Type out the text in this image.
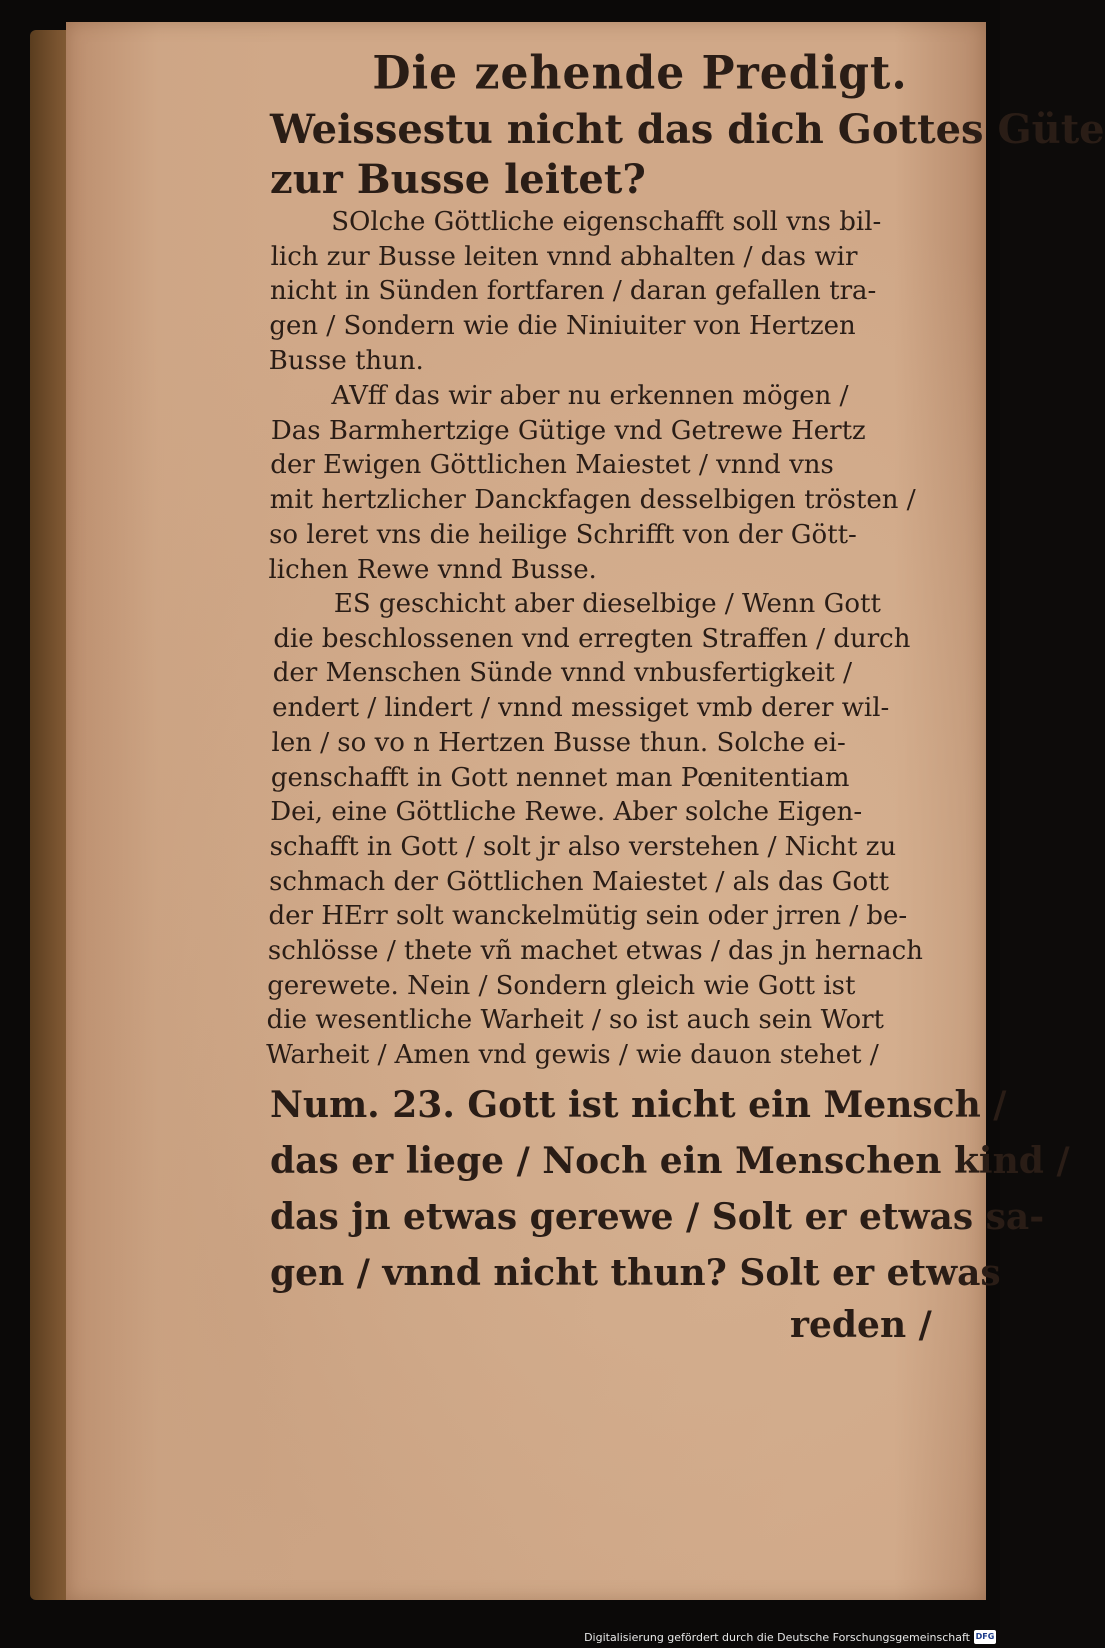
Die zehende Predigt.
Weissestu nicht das dich Gottes Güte
zur Busse leitet?
SOlche Göttliche eigenschafft soll vns bil-
lich zur Busse leiten vnnd abhalten / das wir
nicht in Sünden fortfaren / daran gefallen tra-
gen / Sondern wie die Niniuiter von Hertzen
Busse thun.
AVff das wir aber nu erkennen mögen /
Das Barmhertzige Gütige vnd Getrewe Hertz
der Ewigen Göttlichen Maiestet / vnnd vns
mit hertzlicher Danckfagen desselbigen trösten /
so leret vns die heilige Schrifft von der Gött-
lichen Rewe vnnd Busse.
ES geschicht aber dieselbige / Wenn Gott
die beschlossenen vnd erregten Straffen / durch
der Menschen Sünde vnnd vnbusfertigkeit /
endert / lindert / vnnd messiget vmb derer wil-
len / so vo n Hertzen Busse thun. Solche ei-
genschafft in Gott nennet man Pœnitentiam
Dei, eine Göttliche Rewe. Aber solche Eigen-
schafft in Gott / solt jr also verstehen / Nicht zu
schmach der Göttlichen Maiestet / als das Gott
der HErr solt wanckelmütig sein oder jrren / be-
schlösse / thete vñ machet etwas / das jn hernach
gerewete. Nein / Sondern gleich wie Gott ist
die wesentliche Warheit / so ist auch sein Wort
Warheit / Amen vnd gewis / wie dauon stehet /
Num. 23. Gott ist nicht ein Mensch /
das er liege / Noch ein Menschen kind /
das jn etwas gerewe / Solt er etwas sa-
gen / vnnd nicht thun? Solt er etwas
reden /
Digitalisierung gefördert durch die Deutsche Forschungsgemeinschaft DFG
